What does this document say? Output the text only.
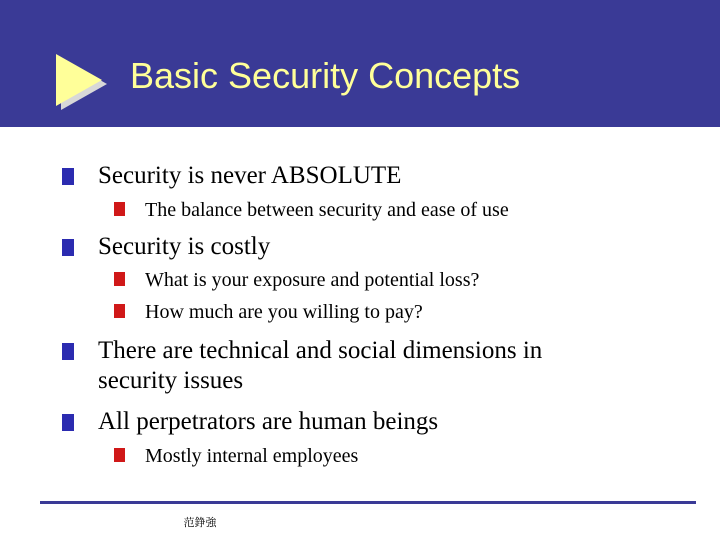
Basic Security Concepts
Security is never ABSOLUTE
The balance between security and ease of use
Security is costly
What is your exposure and potential loss?
How much are you willing to pay?
There are technical and social dimensions in
security issues
All perpetrators are human beings
Mostly internal employees
范錚強
